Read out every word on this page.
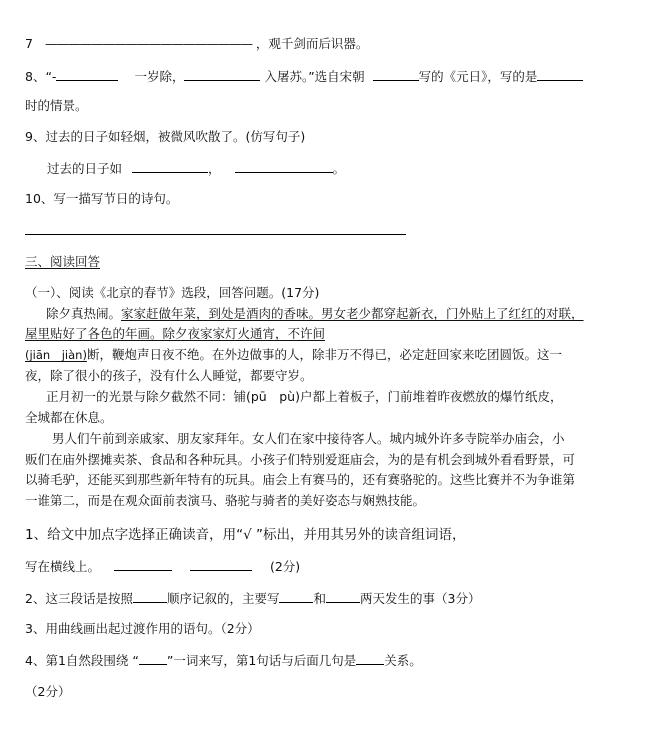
7 —————————————————— ，观千剑而后识器。
8、“-	一岁除，	入屠苏。”选自宋朝	写的《元日》，写的是
时的情景。
9、过去的日子如轻烟，被微风吹散了。(仿写句子)
过去的日子如	，	。
10、写一描写节日的诗句。
三、阅读回答
（一）、阅读《北京的春节》选段，回答问题。(17分)
除夕真热闹。家家赶做年菜，到处是酒肉的香味。男女老少都穿起新衣，门外贴上了红红的对联，
屋里贴好了各色的年画。除夕夜家家灯火通宵，不许间
(jiān　jiàn)断，鞭炮声日夜不绝。在外边做事的人，除非万不得已，必定赶回家来吃团圆饭。这一
夜，除了很小的孩子，没有什么人睡觉，都要守岁。
正月初一的光景与除夕截然不同：铺(pū　pù)户都上着板子，门前堆着昨夜燃放的爆竹纸皮，
全城都在休息。
男人们午前到亲戚家、朋友家拜年。女人们在家中接待客人。城内城外许多寺院举办庙会，小
贩们在庙外摆摊卖茶、食品和各种玩具。小孩子们特别爱逛庙会，为的是有机会到城外看看野景，可
以骑毛驴，还能买到那些新年特有的玩具。庙会上有赛马的，还有赛骆驼的。这些比赛并不为争谁第
一谁第二，而是在观众面前表演马、骆驼与骑者的美好姿态与娴熟技能。
1、给文中加点字选择正确读音，用“√ ”标出，并用其另外的读音组词语，
写在横线上。	(2分)
2、这三段话是按照	顺序记叙的，主要写	和	两天发生的事（3分）
3、用曲线画出起过渡作用的语句。（2分）
4、第1自然段围绕 “ ”一词来写，第1句话与后面几句是 关系。
（2分）
